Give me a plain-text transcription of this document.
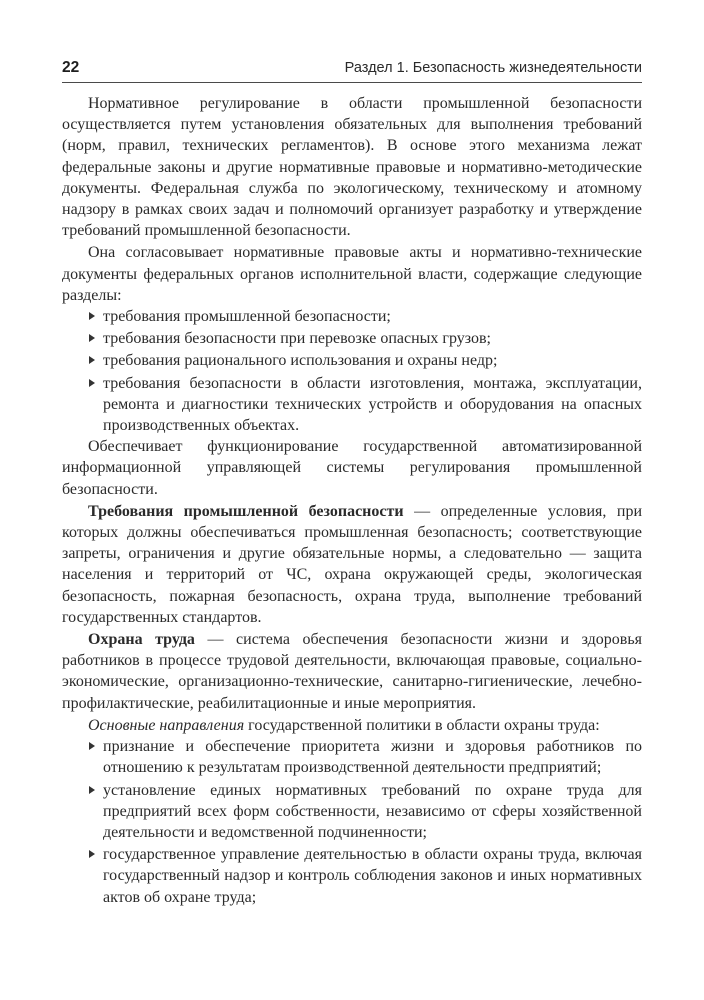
22	Раздел 1. Безопасность жизнедеятельности

Нормативное регулирование в области промышленной безопасности осуществляется путем установления обязательных для выполнения требований (норм, правил, технических регламентов). В основе этого механизма лежат федеральные законы и другие нормативные правовые и нормативно-методические документы. Федеральная служба по экологическому, техническому и атомному надзору в рамках своих задач и полномочий организует разработку и утверждение требований промышленной безопасности.

Она согласовывает нормативные правовые акты и нормативно-технические документы федеральных органов исполнительной власти, содержащие следующие разделы:

требования промышленной безопасности;
требования безопасности при перевозке опасных грузов;
требования рационального использования и охраны недр;
требования безопасности в области изготовления, монтажа, эксплуатации, ремонта и диагностики технических устройств и оборудования на опасных производственных объектах.

Обеспечивает функционирование государственной автоматизированной информационной управляющей системы регулирования промышленной безопасности.

Требования промышленной безопасности — определенные условия, при которых должны обеспечиваться промышленная безопасность; соответствующие запреты, ограничения и другие обязательные нормы, а следовательно — защита населения и территорий от ЧС, охрана окружающей среды, экологическая безопасность, пожарная безопасность, охрана труда, выполнение требований государственных стандартов.

Охрана труда — система обеспечения безопасности жизни и здоровья работников в процессе трудовой деятельности, включающая правовые, социально-экономические, организационно-технические, санитарно-гигиенические, лечебно-профилактические, реабилитационные и иные мероприятия.

Основные направления государственной политики в области охраны труда:

признание и обеспечение приоритета жизни и здоровья работников по отношению к результатам производственной деятельности предприятий;
установление единых нормативных требований по охране труда для предприятий всех форм собственности, независимо от сферы хозяйственной деятельности и ведомственной подчиненности;
государственное управление деятельностью в области охраны труда, включая государственный надзор и контроль соблюдения законов и иных нормативных актов об охране труда;
